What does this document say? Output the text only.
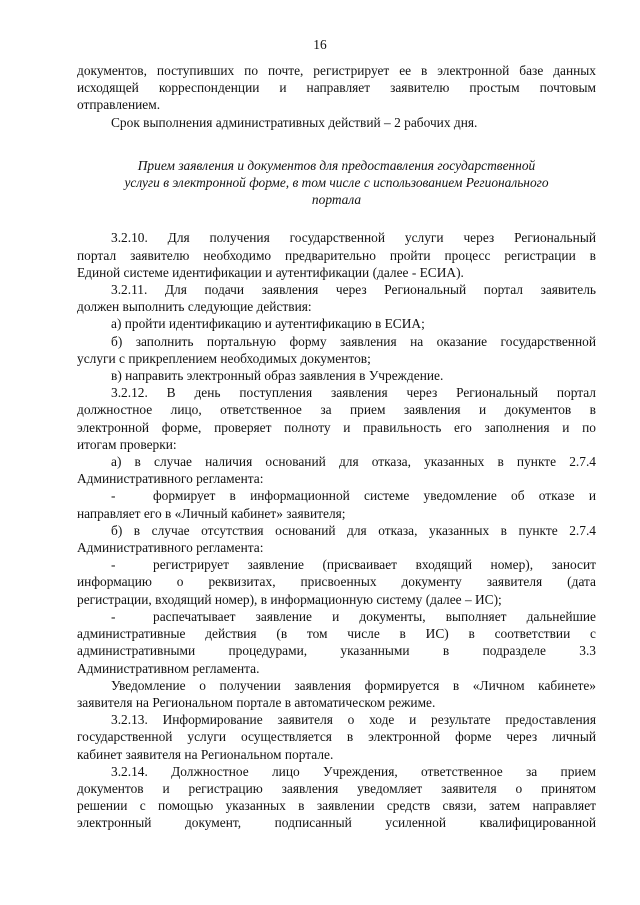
16

документов, поступивших по почте, регистрирует ее в электронной базе данных

исходящей корреспонденции и направляет заявителю простым почтовым

отправлением.

Срок выполнения административных действий – 2 рабочих дня.

Прием заявления и документов для предоставления государственной
услуги в электронной форме, в том числе с использованием Регионального
портала

3.2.10. Для получения государственной услуги через Региональный

портал заявителю необходимо предварительно пройти процесс регистрации в

Единой системе идентификации и аутентификации (далее - ЕСИА).

3.2.11. Для подачи заявления через Региональный портал заявитель

должен выполнить следующие действия:

а) пройти идентификацию и аутентификацию в ЕСИА;

б) заполнить портальную форму заявления на оказание государственной

услуги с прикреплением необходимых документов;

в) направить электронный образ заявления в Учреждение.

3.2.12. В день поступления заявления через Региональный портал

должностное лицо, ответственное за прием заявления и документов в

электронной форме, проверяет полноту и правильность его заполнения и по

итогам проверки:

а) в случае наличия оснований для отказа, указанных в пункте 2.7.4

Административного регламента:

-	формирует в информационной системе уведомление об отказе и

направляет его в «Личный кабинет» заявителя;

б) в случае отсутствия оснований для отказа, указанных в пункте 2.7.4

Административного регламента:

-	регистрирует заявление (присваивает входящий номер), заносит

информацию о реквизитах, присвоенных документу заявителя (дата

регистрации, входящий номер), в информационную систему (далее – ИС);

-	распечатывает заявление и документы, выполняет дальнейшие

административные действия (в том числе в ИС) в соответствии с

административными процедурами, указанными в подразделе 3.3

Административном регламента.

Уведомление о получении заявления формируется в «Личном кабинете»

заявителя на Региональном портале в автоматическом режиме.

3.2.13. Информирование заявителя о ходе и результате предоставления

государственной услуги осуществляется в электронной форме через личный

кабинет заявителя на Региональном портале.

3.2.14. Должностное лицо Учреждения, ответственное за прием

документов и регистрацию заявления уведомляет заявителя о принятом

решении с помощью указанных в заявлении средств связи, затем направляет

электронный документ, подписанный усиленной квалифицированной
